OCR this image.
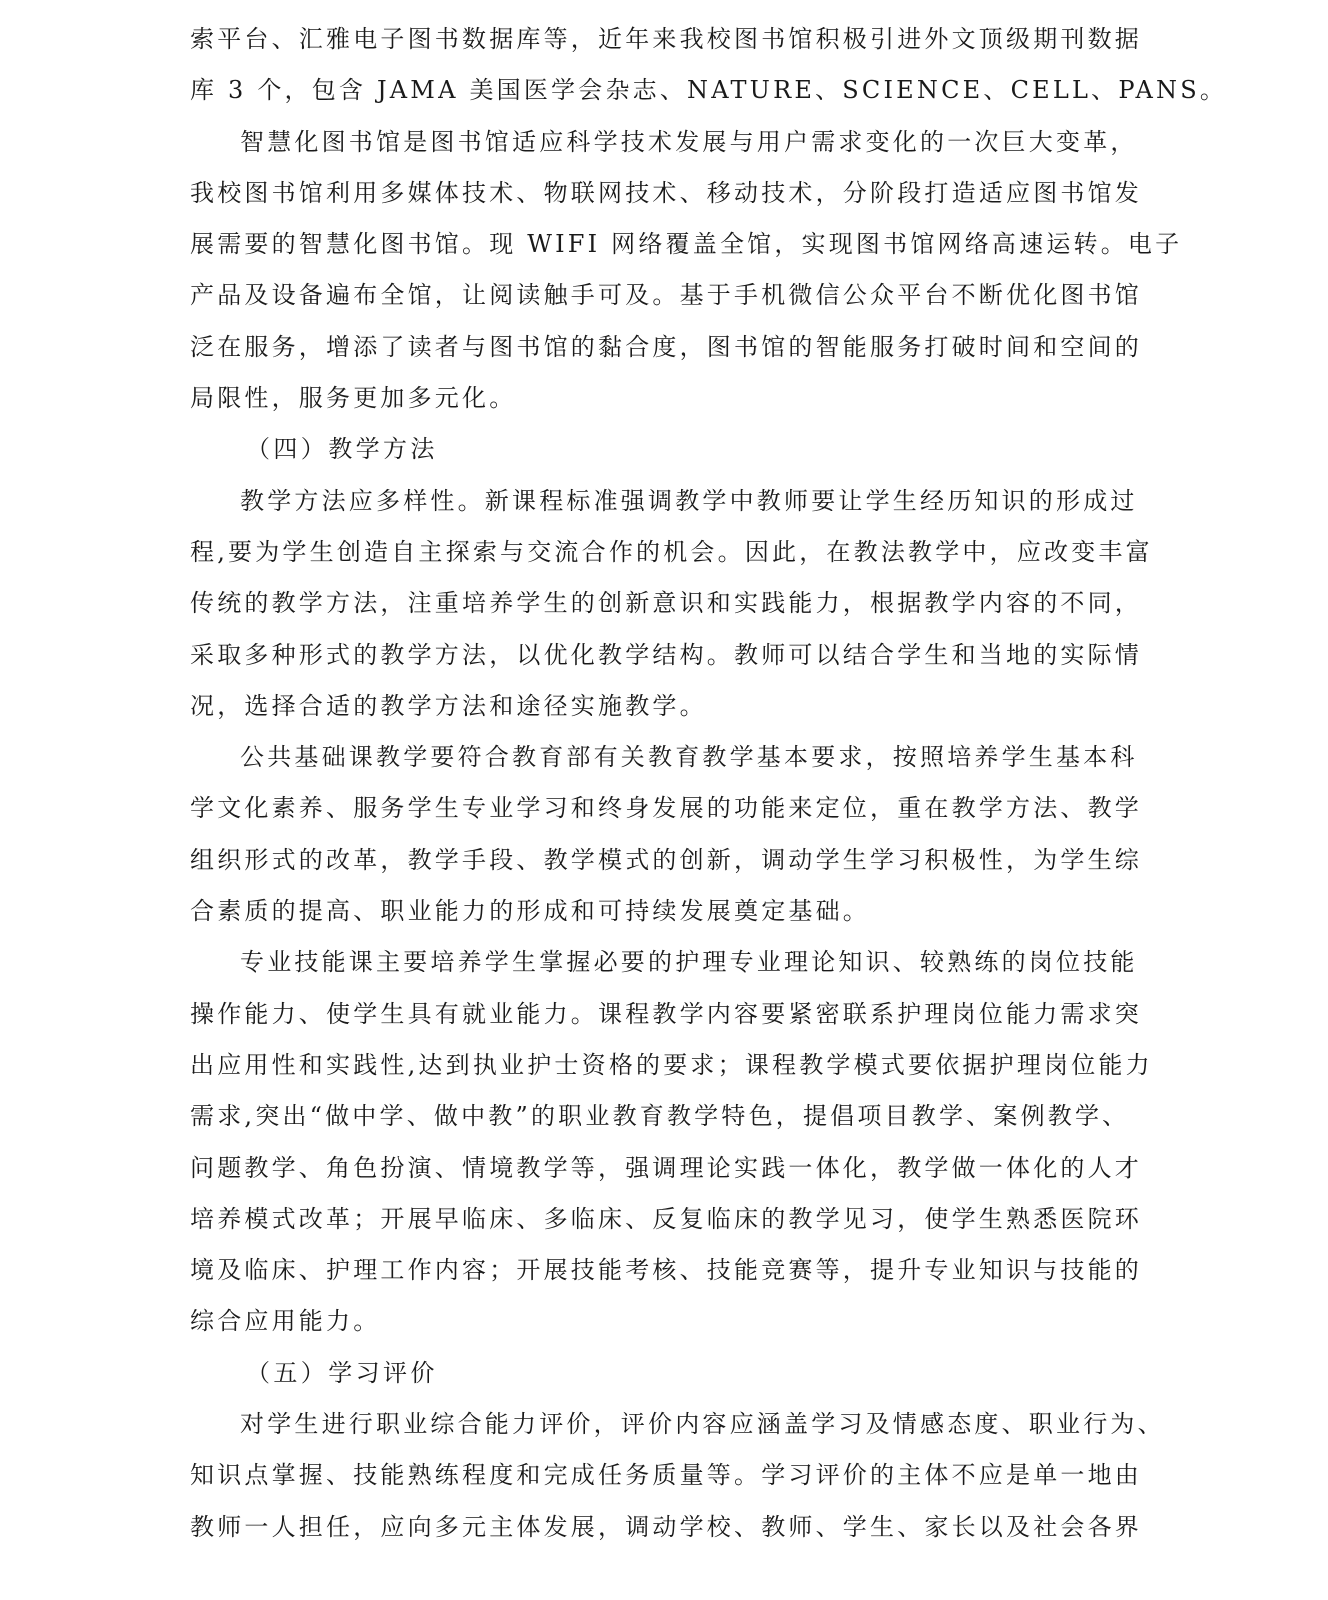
索平台、汇雅电子图书数据库等，近年来我校图书馆积极引进外文顶级期刊数据
库 3 个，包含 JAMA 美国医学会杂志、NATURE、SCIENCE、CELL、PANS。
智慧化图书馆是图书馆适应科学技术发展与用户需求变化的一次巨大变革，
我校图书馆利用多媒体技术、物联网技术、移动技术，分阶段打造适应图书馆发
展需要的智慧化图书馆。现 WIFI 网络覆盖全馆，实现图书馆网络高速运转。电子
产品及设备遍布全馆，让阅读触手可及。基于手机微信公众平台不断优化图书馆
泛在服务，增添了读者与图书馆的黏合度，图书馆的智能服务打破时间和空间的
局限性，服务更加多元化。
（四）教学方法
教学方法应多样性。新课程标准强调教学中教师要让学生经历知识的形成过
程,要为学生创造自主探索与交流合作的机会。因此，在教法教学中，应改变丰富
传统的教学方法，注重培养学生的创新意识和实践能力，根据教学内容的不同，
采取多种形式的教学方法，以优化教学结构。教师可以结合学生和当地的实际情
况，选择合适的教学方法和途径实施教学。
公共基础课教学要符合教育部有关教育教学基本要求，按照培养学生基本科
学文化素养、服务学生专业学习和终身发展的功能来定位，重在教学方法、教学
组织形式的改革，教学手段、教学模式的创新，调动学生学习积极性，为学生综
合素质的提高、职业能力的形成和可持续发展奠定基础。
专业技能课主要培养学生掌握必要的护理专业理论知识、较熟练的岗位技能
操作能力、使学生具有就业能力。课程教学内容要紧密联系护理岗位能力需求突
出应用性和实践性,达到执业护士资格的要求；课程教学模式要依据护理岗位能力
需求,突出“做中学、做中教”的职业教育教学特色，提倡项目教学、案例教学、
问题教学、角色扮演、情境教学等，强调理论实践一体化，教学做一体化的人才
培养模式改革；开展早临床、多临床、反复临床的教学见习，使学生熟悉医院环
境及临床、护理工作内容；开展技能考核、技能竞赛等，提升专业知识与技能的
综合应用能力。
（五）学习评价
对学生进行职业综合能力评价，评价内容应涵盖学习及情感态度、职业行为、
知识点掌握、技能熟练程度和完成任务质量等。学习评价的主体不应是单一地由
教师一人担任，应向多元主体发展，调动学校、教师、学生、家长以及社会各界
